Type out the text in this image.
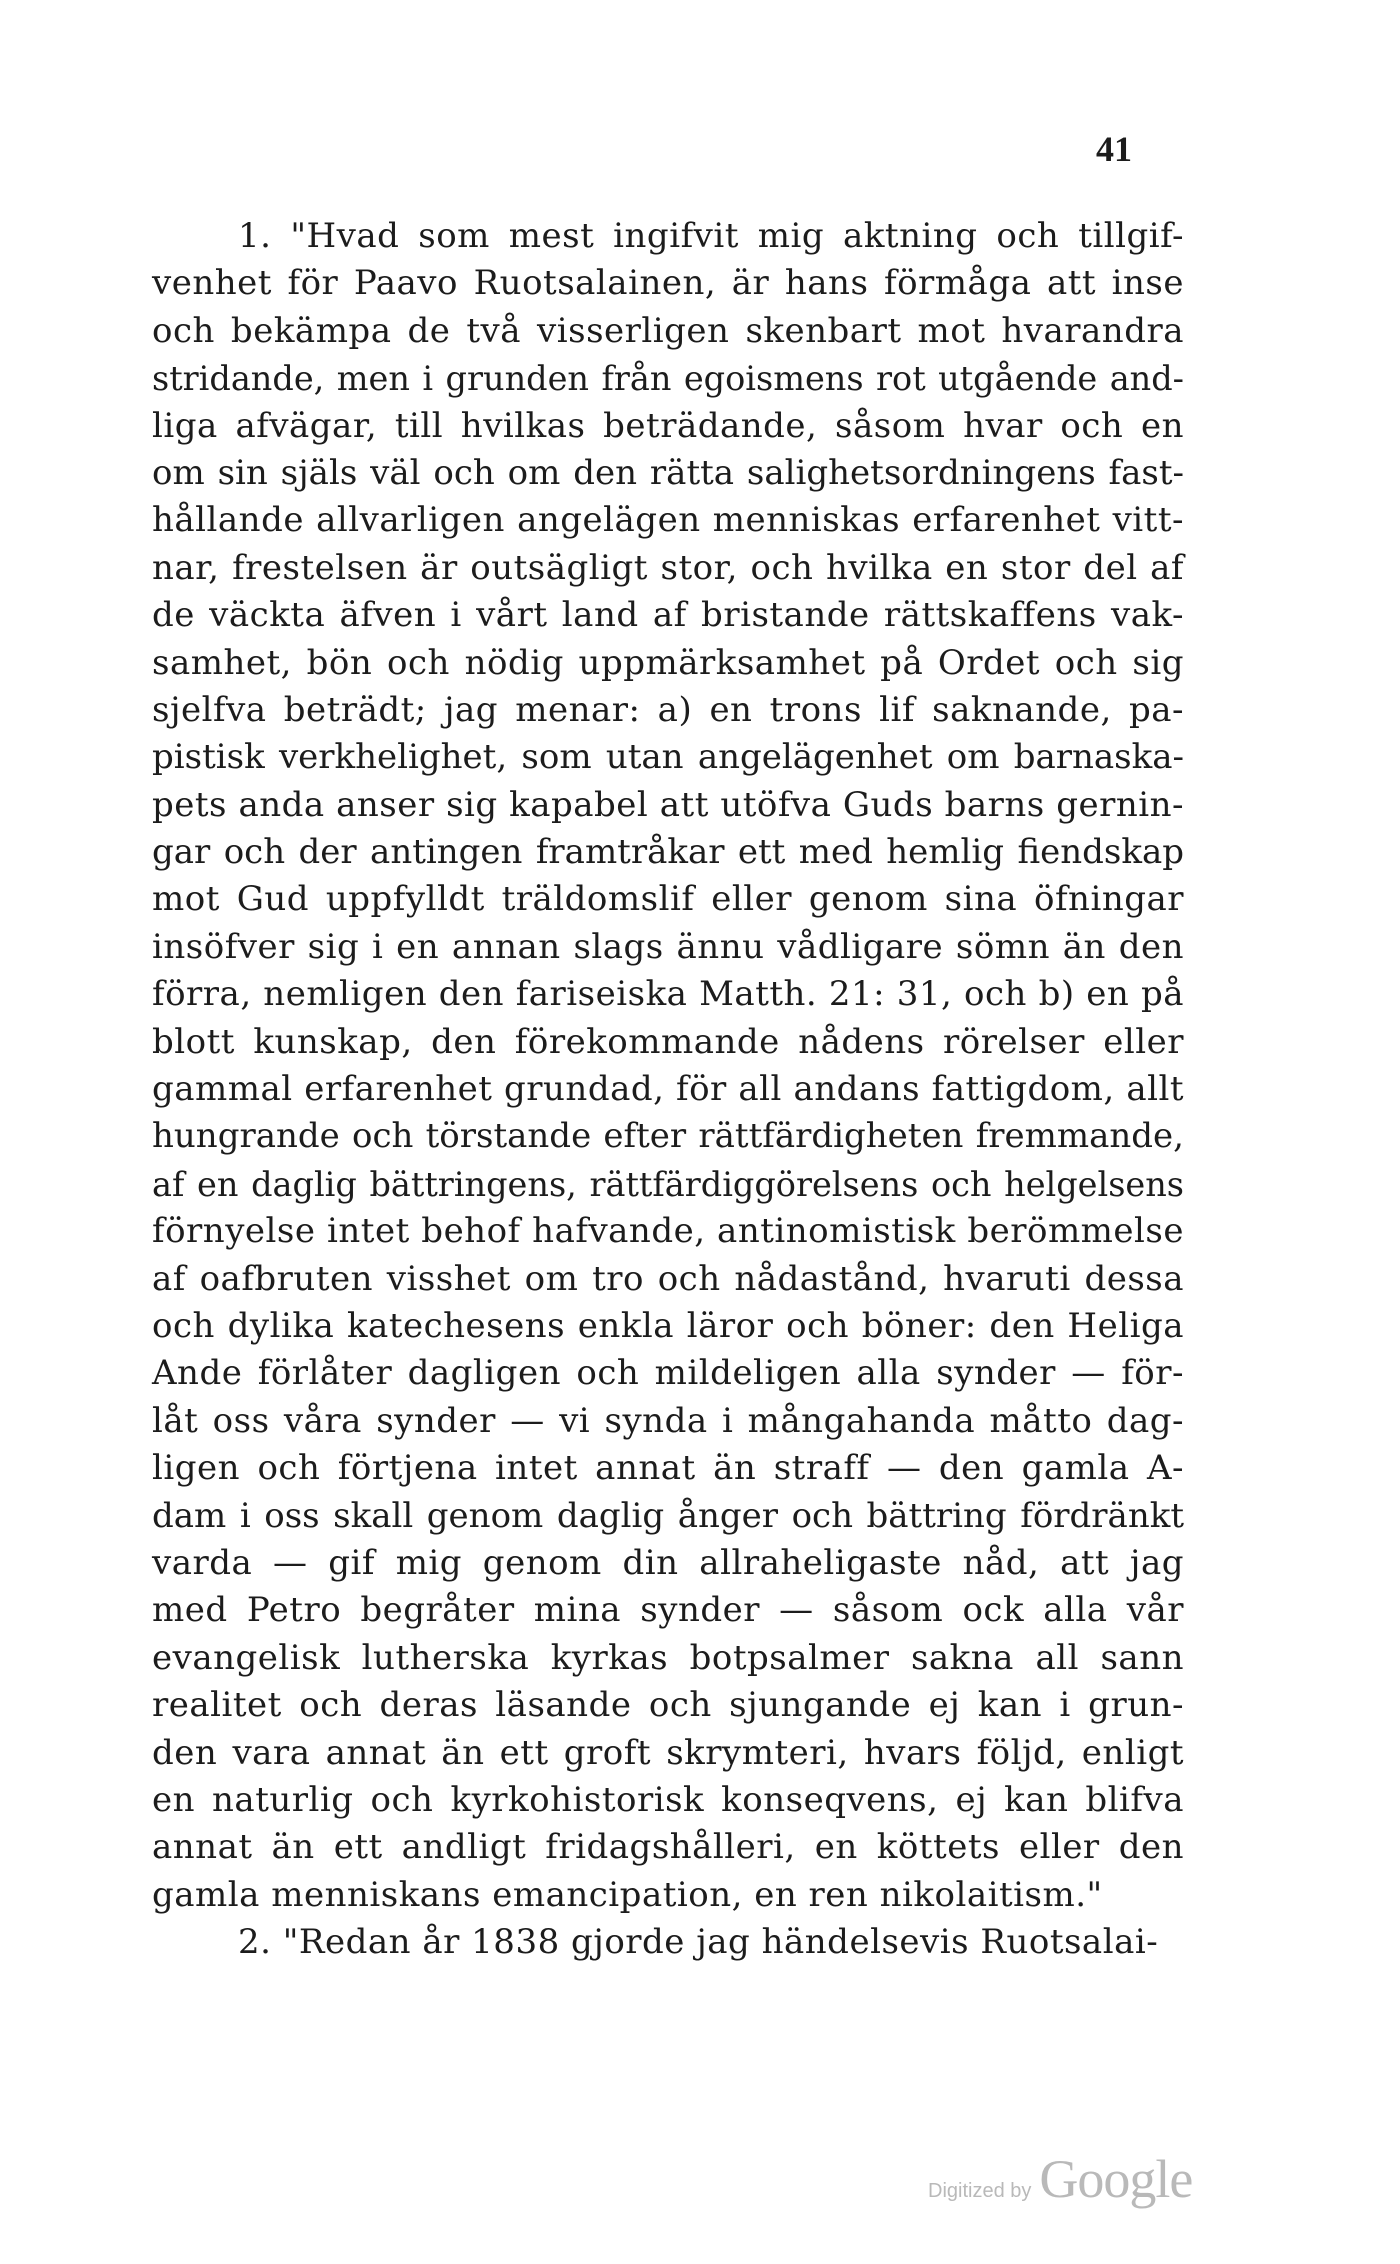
41
1. "Hvad som mest ingifvit mig aktning och tillgif-
venhet för Paavo Ruotsalainen, är hans förmåga att inse
och bekämpa de två visserligen skenbart mot hvarandra
stridande, men i grunden från egoismens rot utgående and-
liga afvägar, till hvilkas beträdande, såsom hvar och en
om sin själs väl och om den rätta salighetsordningens fast-
hållande allvarligen angelägen menniskas erfarenhet vitt-
nar, frestelsen är outsägligt stor, och hvilka en stor del af
de väckta äfven i vårt land af bristande rättskaffens vak-
samhet, bön och nödig uppmärksamhet på Ordet och sig
sjelfva beträdt; jag menar: a) en trons lif saknande, pa-
pistisk verkhelighet, som utan angelägenhet om barnaska-
pets anda anser sig kapabel att utöfva Guds barns gernin-
gar och der antingen framtråkar ett med hemlig fiendskap
mot Gud uppfylldt träldomslif eller genom sina öfningar
insöfver sig i en annan slags ännu vådligare sömn än den
förra, nemligen den fariseiska Matth. 21: 31, och b) en på
blott kunskap, den förekommande nådens rörelser eller
gammal erfarenhet grundad, för all andans fattigdom, allt
hungrande och törstande efter rättfärdigheten fremmande,
af en daglig bättringens, rättfärdiggörelsens och helgelsens
förnyelse intet behof hafvande, antinomistisk berömmelse
af oafbruten visshet om tro och nådastånd, hvaruti dessa
och dylika katechesens enkla läror och böner: den Heliga
Ande förlåter dagligen och mildeligen alla synder — för-
låt oss våra synder — vi synda i mångahanda måtto dag-
ligen och förtjena intet annat än straff — den gamla A-
dam i oss skall genom daglig ånger och bättring fördränkt
varda — gif mig genom din allraheligaste nåd, att jag
med Petro begråter mina synder — såsom ock alla vår
evangelisk lutherska kyrkas botpsalmer sakna all sann
realitet och deras läsande och sjungande ej kan i grun-
den vara annat än ett groft skrymteri, hvars följd, enligt
en naturlig och kyrkohistorisk konseqvens, ej kan blifva
annat än ett andligt fridagshålleri, en köttets eller den
gamla menniskans emancipation, en ren nikolaitism."
2. "Redan år 1838 gjorde jag händelsevis Ruotsalai-
Digitized by Google
